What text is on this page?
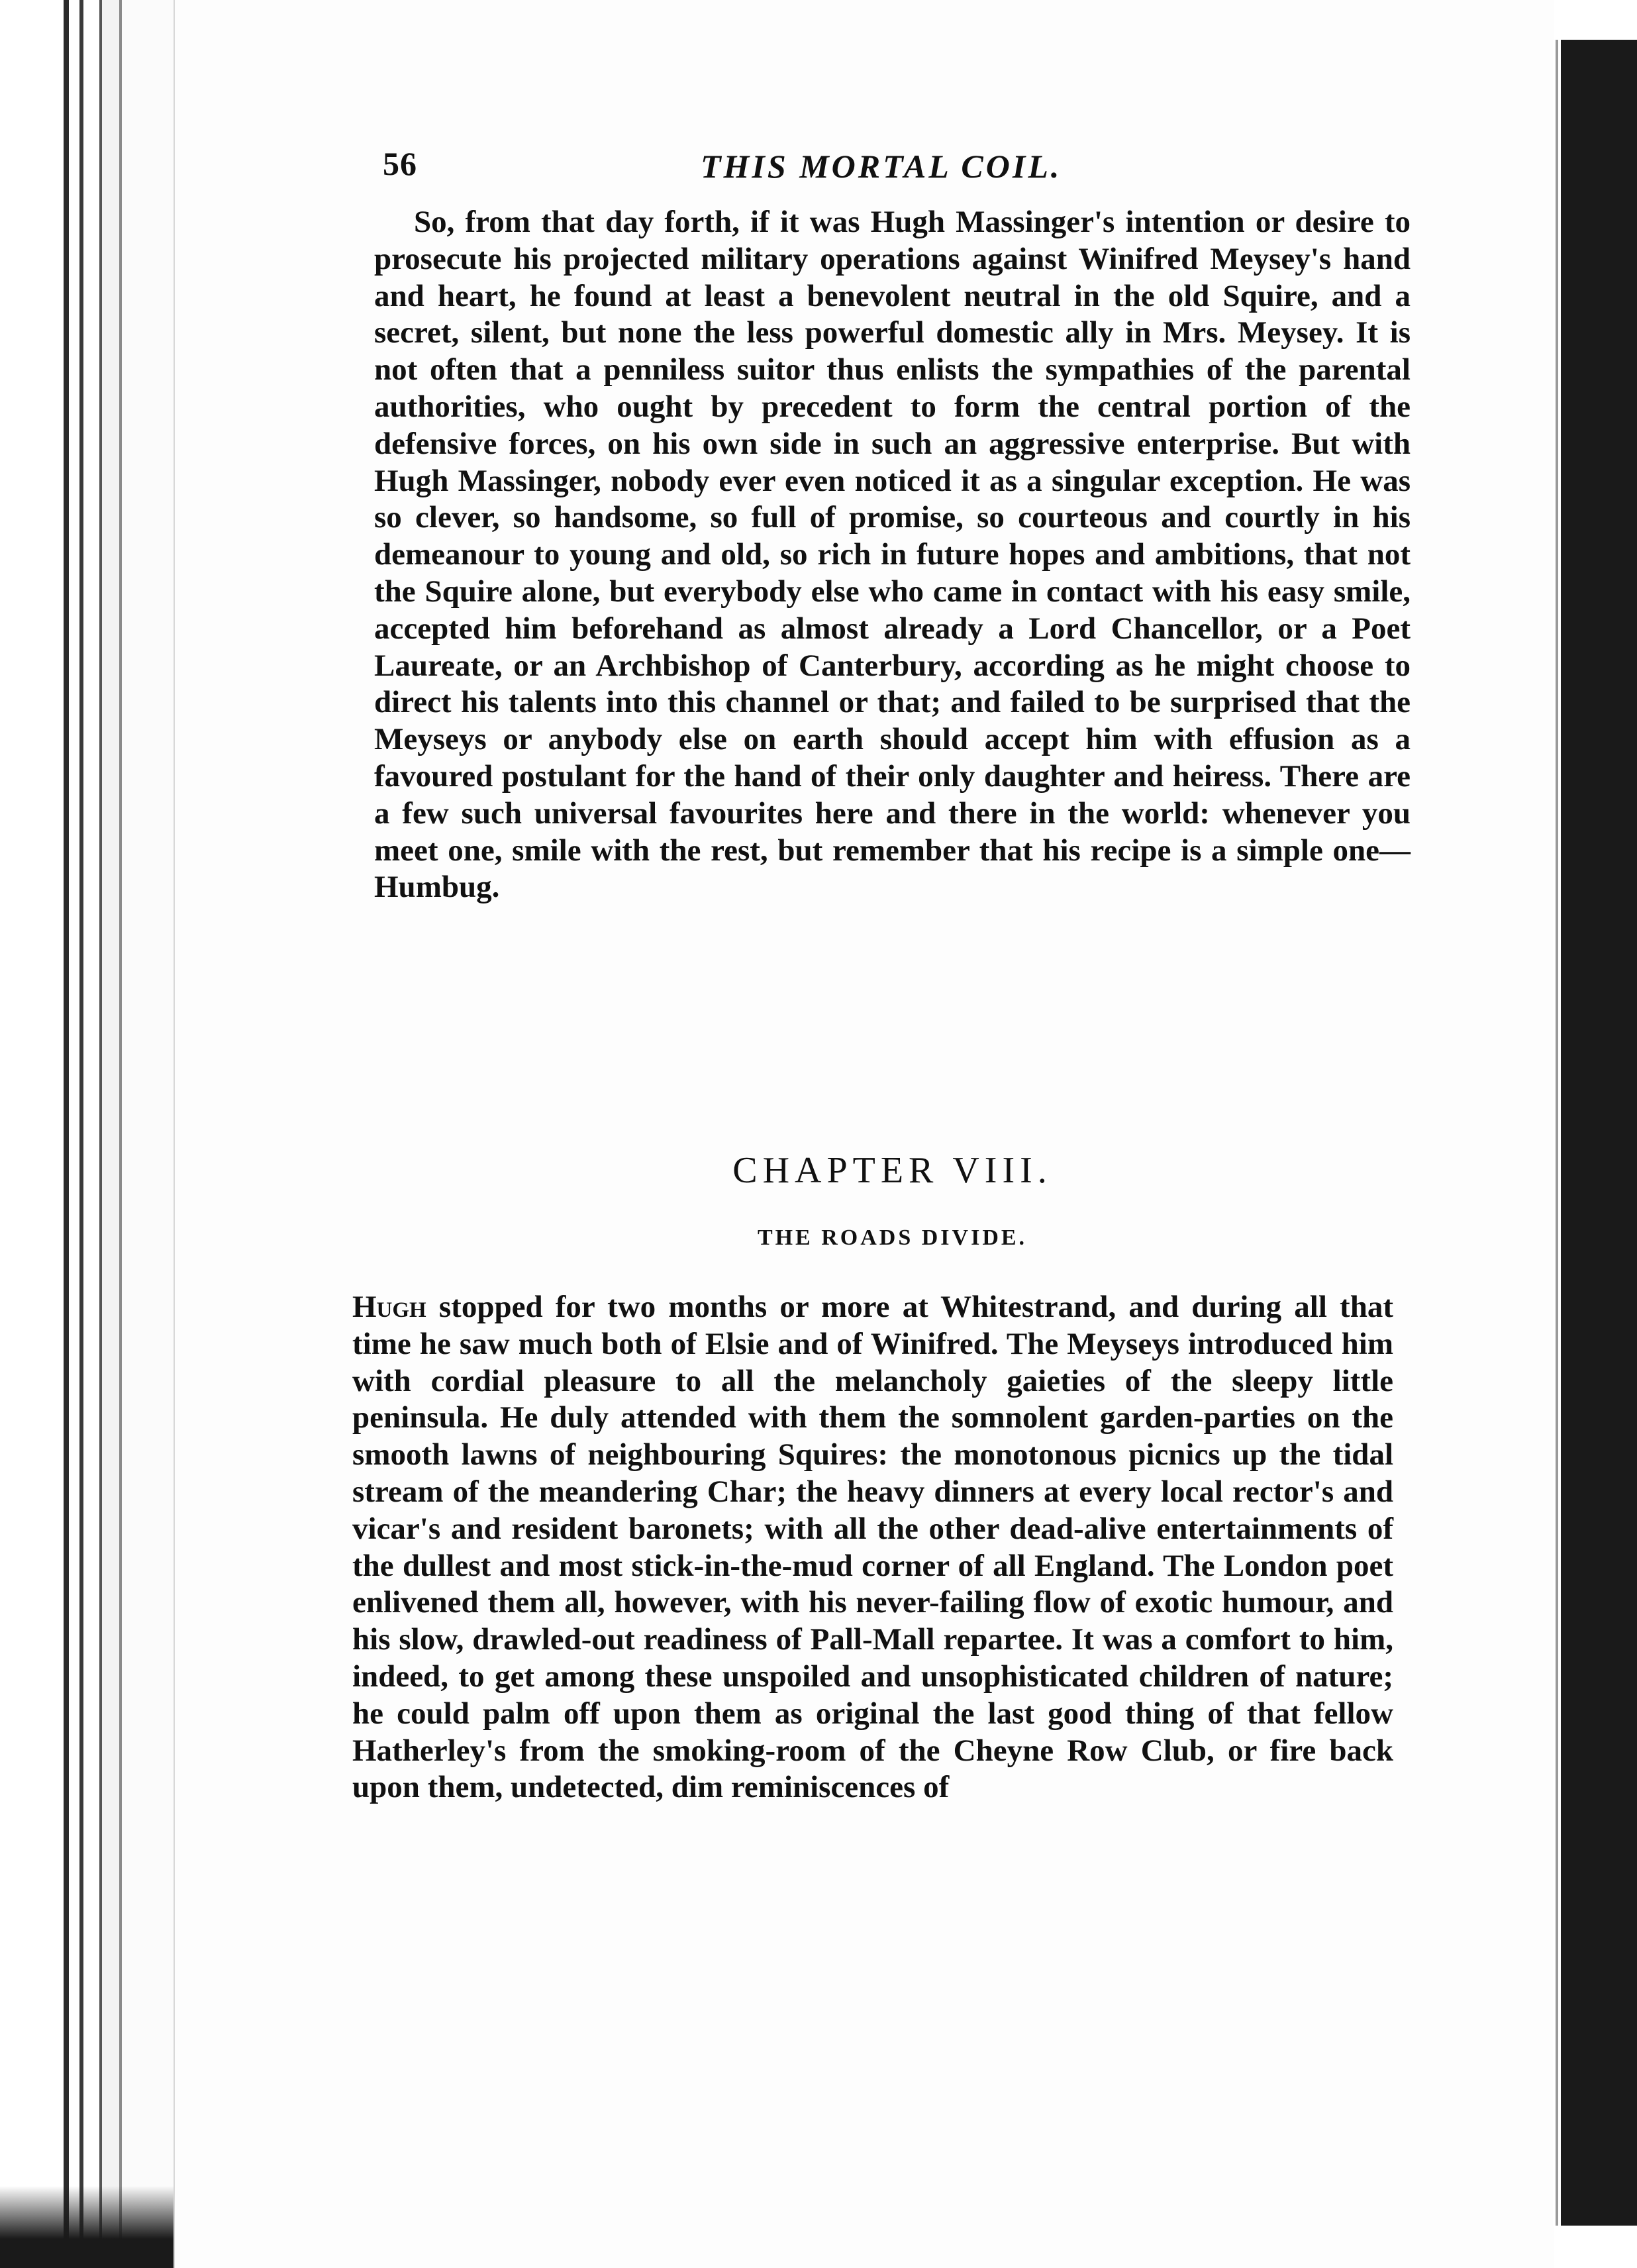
56	THIS MORTAL COIL.

So, from that day forth, if it was Hugh Massinger's intention or desire to prosecute his projected military operations against Winifred Meysey's hand and heart, he found at least a benevolent neutral in the old Squire, and a secret, silent, but none the less powerful domestic ally in Mrs. Meysey. It is not often that a penniless suitor thus enlists the sympathies of the parental authorities, who ought by precedent to form the central portion of the defensive forces, on his own side in such an aggressive enterprise. But with Hugh Massinger, nobody ever even noticed it as a singular exception. He was so clever, so handsome, so full of promise, so courteous and courtly in his demeanour to young and old, so rich in future hopes and ambitions, that not the Squire alone, but everybody else who came in contact with his easy smile, accepted him beforehand as almost already a Lord Chancellor, or a Poet Laureate, or an Archbishop of Canterbury, according as he might choose to direct his talents into this channel or that; and failed to be surprised that the Meyseys or anybody else on earth should accept him with effusion as a favoured postulant for the hand of their only daughter and heiress. There are a few such universal favourites here and there in the world: whenever you meet one, smile with the rest, but remember that his recipe is a simple one—Humbug.

CHAPTER VIII.
THE ROADS DIVIDE.

Hugh stopped for two months or more at Whitestrand, and during all that time he saw much both of Elsie and of Winifred. The Meyseys introduced him with cordial pleasure to all the melancholy gaieties of the sleepy little peninsula. He duly attended with them the somnolent garden-parties on the smooth lawns of neighbouring Squires: the monotonous picnics up the tidal stream of the meandering Char; the heavy dinners at every local rector's and vicar's and resident baronets; with all the other dead-alive entertainments of the dullest and most stick-in-the-mud corner of all England. The London poet enlivened them all, however, with his never-failing flow of exotic humour, and his slow, drawled-out readiness of Pall-Mall repartee. It was a comfort to him, indeed, to get among these unspoiled and unsophisticated children of nature; he could palm off upon them as original the last good thing of that fellow Hatherley's from the smoking-room of the Cheyne Row Club, or fire back upon them, undetected, dim reminiscences of
